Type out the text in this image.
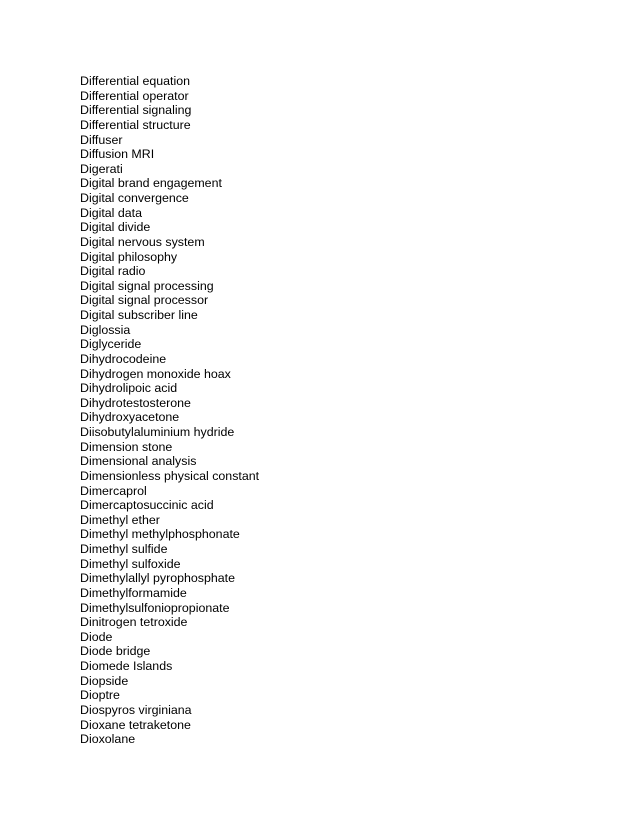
Differential equation
Differential operator
Differential signaling
Differential structure
Diffuser
Diffusion MRI
Digerati
Digital brand engagement
Digital convergence
Digital data
Digital divide
Digital nervous system
Digital philosophy
Digital radio
Digital signal processing
Digital signal processor
Digital subscriber line
Diglossia
Diglyceride
Dihydrocodeine
Dihydrogen monoxide hoax
Dihydrolipoic acid
Dihydrotestosterone
Dihydroxyacetone
Diisobutylaluminium hydride
Dimension stone
Dimensional analysis
Dimensionless physical constant
Dimercaprol
Dimercaptosuccinic acid
Dimethyl ether
Dimethyl methylphosphonate
Dimethyl sulfide
Dimethyl sulfoxide
Dimethylallyl pyrophosphate
Dimethylformamide
Dimethylsulfoniopropionate
Dinitrogen tetroxide
Diode
Diode bridge
Diomede Islands
Diopside
Dioptre
Diospyros virginiana
Dioxane tetraketone
Dioxolane
